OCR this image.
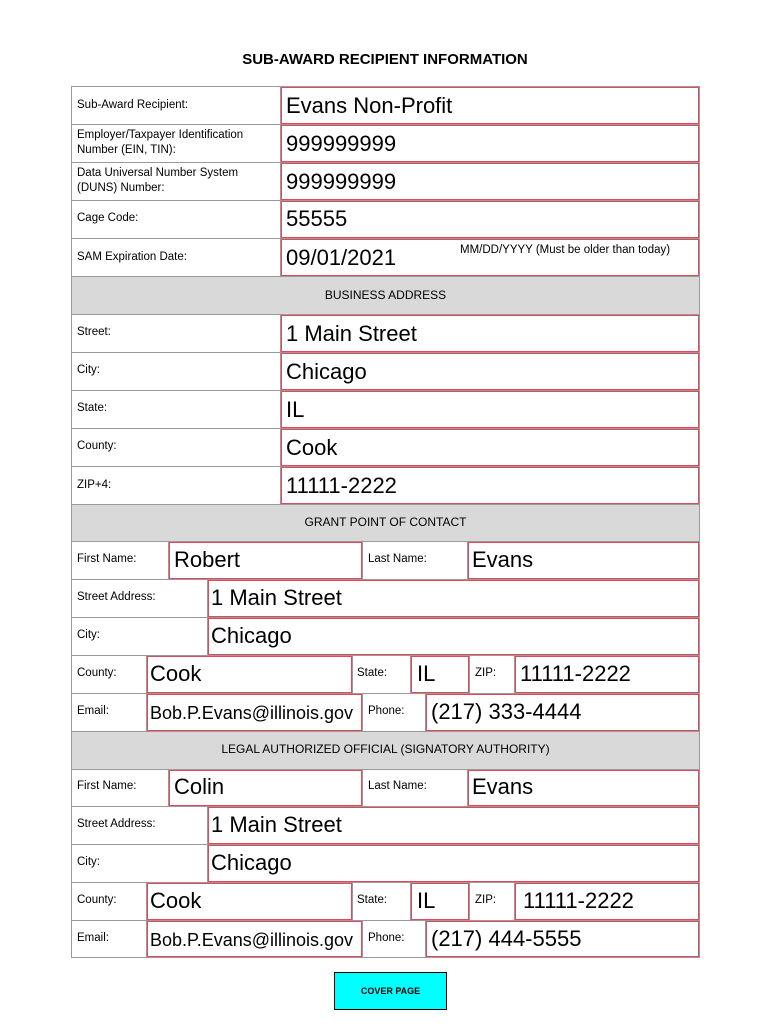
SUB-AWARD RECIPIENT INFORMATION
Sub-Award Recipient:	Evans Non-Profit
Employer/Taxpayer Identification
Number (EIN, TIN):	999999999
Data Universal Number System
(DUNS) Number:	999999999
Cage Code:	55555
SAM Expiration Date:	09/01/2021	MM/DD/YYYY (Must be older than today)
BUSINESS ADDRESS
Street:	1 Main Street
City:	Chicago
State:	IL
County:	Cook
ZIP+4:	11111-2222
GRANT POINT OF CONTACT
First Name: Robert	Last Name: Evans
Street Address:	1 Main Street
City:	Chicago
County: Cook	State: IL	ZIP: 11111-2222
Email: Bob.P.Evans@illinois.gov Phone: (217) 333-4444
LEGAL AUTHORIZED OFFICIAL (SIGNATORY AUTHORITY)
First Name: Colin	Last Name: Evans
Street Address:	1 Main Street
City:	Chicago
County: Cook	State: IL	ZIP: 11111-2222
Email: Bob.P.Evans@illinois.gov Phone: (217) 444-5555
COVER PAGE
